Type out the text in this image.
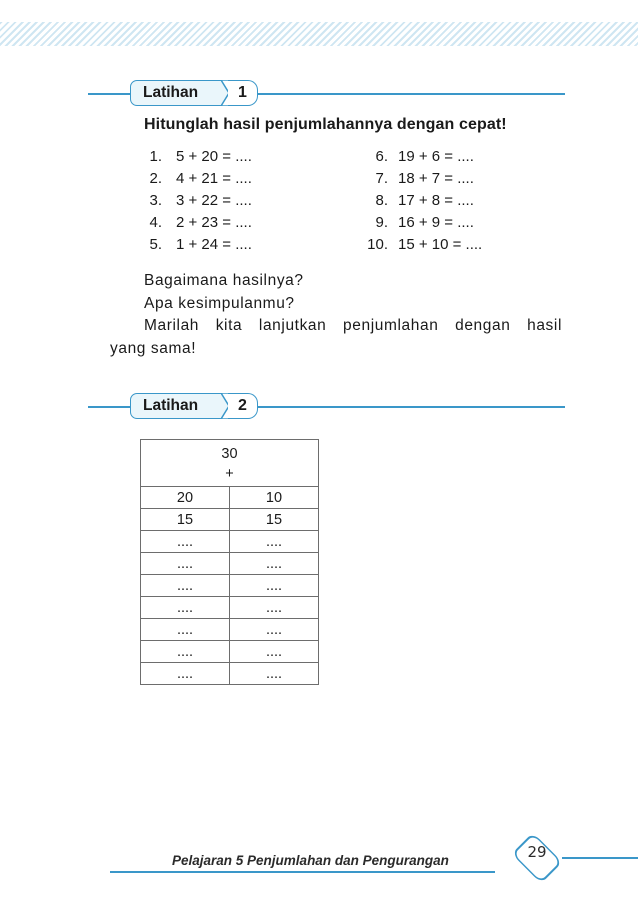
Latihan	1
Hitunglah hasil penjumlahannya dengan cepat!
1. 5 + 20 = ....
2. 4 + 21 = ....
3. 3 + 22 = ....
4. 2 + 23 = ....
5. 1 + 24 = ....
6. 19 + 6 = ....
7. 18 + 7 = ....
8. 17 + 8 = ....
9. 16 + 9 = ....
10. 15 + 10 = ....
Bagaimana hasilnya?
Apa kesimpulanmu?
Marilah kita lanjutkan penjumlahan dengan hasil
yang sama!
Latihan	2
30
+	

20	10
15	15
....	....
....	....
....	....
....	....
....	....
....	....
....	....
Pelajaran 5 Penjumlahan dan Pengurangan	29
